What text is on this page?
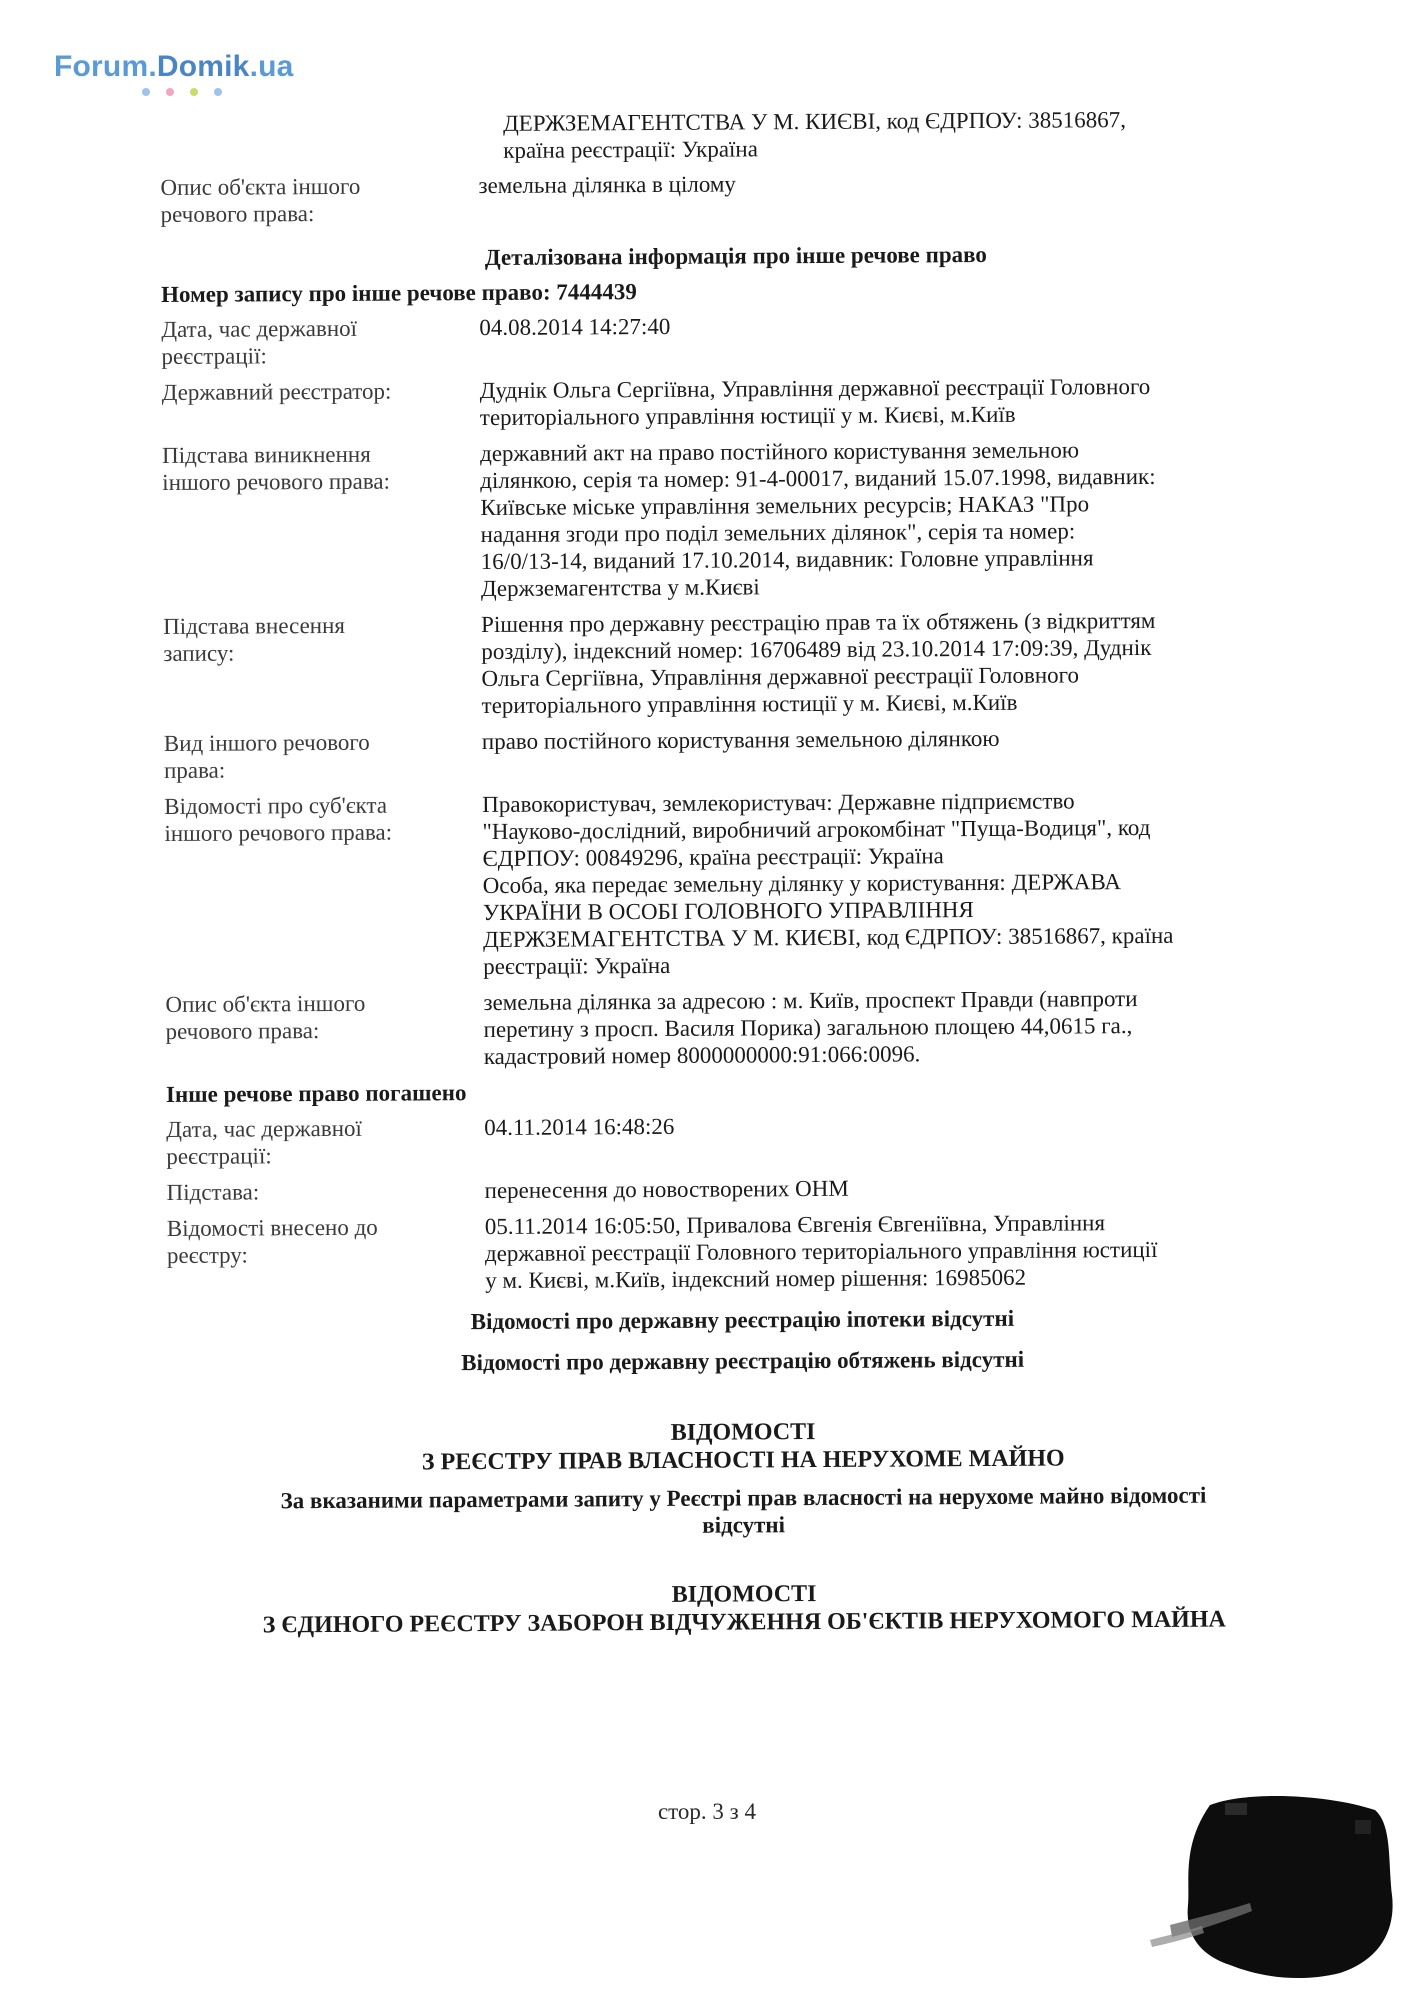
Forum.Domik.ua
ДЕРЖЗЕМАГЕНТСТВА У М. КИЄВІ, код ЄДРПОУ: 38516867,
країна реєстрації: Україна
Опис об'єкта іншого
речового права:
земельна ділянка в цілому
Деталізована інформація про інше речове право
Номер запису про інше речове право: 7444439
Дата, час державної
реєстрації:
04.08.2014 14:27:40
Державний реєстратор:	Дуднік Ольга Сергіївна, Управління державної реєстрації Головного
територіального управління юстиції у м. Києві, м.Київ
Підстава виникнення
іншого речового права:
державний акт на право постійного користування земельною
ділянкою, серія та номер: 91-4-00017, виданий 15.07.1998, видавник:
Київське міське управління земельних ресурсів; НАКАЗ "Про
надання згоди про поділ земельних ділянок", серія та номер:
16/0/13-14, виданий 17.10.2014, видавник: Головне управління
Держземагентства у м.Києві
Підстава внесення
запису:
Рішення про державну реєстрацію прав та їх обтяжень (з відкриттям
розділу), індексний номер: 16706489 від 23.10.2014 17:09:39, Дуднік
Ольга Сергіївна, Управління державної реєстрації Головного
територіального управління юстиції у м. Києві, м.Київ
Вид іншого речового
права:
право постійного користування земельною ділянкою
Відомості про суб'єкта
іншого речового права:
Правокористувач, землекористувач: Державне підприємство
"Науково-дослідний, виробничий агрокомбінат "Пуща-Водиця", код
ЄДРПОУ: 00849296, країна реєстрації: Україна
Особа, яка передає земельну ділянку у користування: ДЕРЖАВА
УКРАЇНИ В ОСОБІ ГОЛОВНОГО УПРАВЛІННЯ
ДЕРЖЗЕМАГЕНТСТВА У М. КИЄВІ, код ЄДРПОУ: 38516867, країна
реєстрації: Україна
Опис об'єкта іншого
речового права:
земельна ділянка за адресою : м. Київ, проспект Правди (навпроти
перетину з просп. Василя Порика) загальною площею 44,0615 га.,
кадастровий номер 8000000000:91:066:0096.
Інше речове право погашено
Дата, час державної
реєстрації:
04.11.2014 16:48:26
Підстава:	перенесення до новостворених ОНМ
Відомості внесено до
реєстру:
05.11.2014 16:05:50, Привалова Євгенія Євгеніївна, Управління
державної реєстрації Головного територіального управління юстиції
у м. Києві, м.Київ, індексний номер рішення: 16985062
Відомості про державну реєстрацію іпотеки відсутні
Відомості про державну реєстрацію обтяжень відсутні
ВІДОМОСТІ
З РЕЄСТРУ ПРАВ ВЛАСНОСТІ НА НЕРУХОМЕ МАЙНО
За вказаними параметрами запиту у Реєстрі прав власності на нерухоме майно відомості
відсутні
ВІДОМОСТІ
З ЄДИНОГО РЕЄСТРУ ЗАБОРОН ВІДЧУЖЕННЯ ОБ'ЄКТІВ НЕРУХОМОГО МАЙНА
стор. 3 з 4
